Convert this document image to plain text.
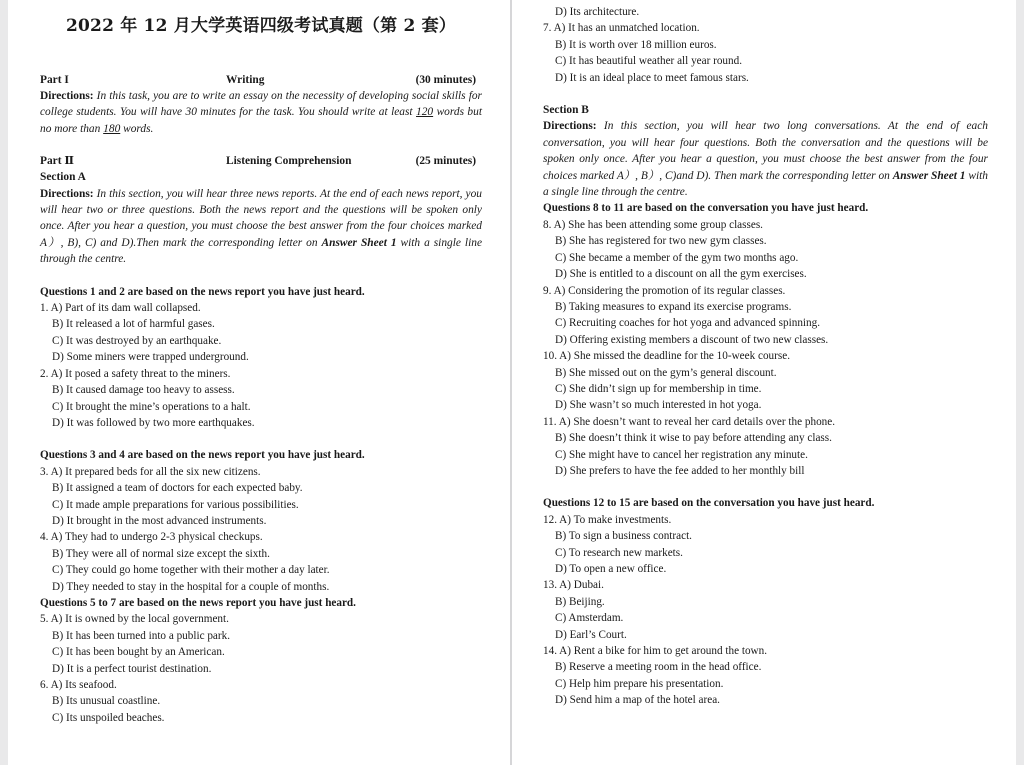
2022 年 12 月大学英语四级考试真题（第 2 套）
Part I	Writing	(30 minutes)
Directions: In this task, you are to write an essay on the necessity of developing social skills for college students. You will have 30 minutes for the task. You should write at least 120 words but no more than 180 words.
Part Ⅱ	Listening Comprehension	(25 minutes)
Section A
Directions: In this section, you will hear three news reports. At the end of each news report, you will hear two or three questions. Both the news report and the questions will be spoken only once. After you hear a question, you must choose the best answer from the four choices marked A）, B), C) and D).Then mark the corresponding letter on Answer Sheet 1 with a single line through the centre.
Questions 1 and 2 are based on the news report you have just heard.
1. A) Part of its dam wall collapsed.
B) It released a lot of harmful gases.
C) It was destroyed by an earthquake.
D) Some miners were trapped underground.
2. A) It posed a safety threat to the miners.
B) It caused damage too heavy to assess.
C) It brought the mine’s operations to a halt.
D) It was followed by two more earthquakes.
Questions 3 and 4 are based on the news report you have just heard.
3. A) It prepared beds for all the six new citizens.
B) It assigned a team of doctors for each expected baby.
C) It made ample preparations for various possibilities.
D) It brought in the most advanced instruments.
4. A) They had to undergo 2-3 physical checkups.
B) They were all of normal size except the sixth.
C) They could go home together with their mother a day later.
D) They needed to stay in the hospital for a couple of months.
Questions 5 to 7 are based on the news report you have just heard.
5. A) It is owned by the local government.
B) It has been turned into a public park.
C) It has been bought by an American.
D) It is a perfect tourist destination.
6. A) Its seafood.
B) Its unusual coastline.
C) Its unspoiled beaches.
D) Its architecture.
7. A) It has an unmatched location.
B) It is worth over 18 million euros.
C) It has beautiful weather all year round.
D) It is an ideal place to meet famous stars.
Section B
Directions: In this section, you will hear two long conversations. At the end of each conversation, you will hear four questions. Both the conversation and the questions will be spoken only once. After you hear a question, you must choose the best answer from the four choices marked A）, B）, C)and D). Then mark the corresponding letter on Answer Sheet 1 with a single line through the centre.
Questions 8 to 11 are based on the conversation you have just heard.
8. A) She has been attending some group classes.
B) She has registered for two new gym classes.
C) She became a member of the gym two months ago.
D) She is entitled to a discount on all the gym exercises.
9. A) Considering the promotion of its regular classes.
B) Taking measures to expand its exercise programs.
C) Recruiting coaches for hot yoga and advanced spinning.
D) Offering existing members a discount of two new classes.
10. A) She missed the deadline for the 10-week course.
B) She missed out on the gym’s general discount.
C) She didn’t sign up for membership in time.
D) She wasn’t so much interested in hot yoga.
11. A) She doesn’t want to reveal her card details over the phone.
B) She doesn’t think it wise to pay before attending any class.
C) She might have to cancel her registration any minute.
D) She prefers to have the fee added to her monthly bill
Questions 12 to 15 are based on the conversation you have just heard.
12. A) To make investments.
B) To sign a business contract.
C) To research new markets.
D) To open a new office.
13. A) Dubai.
B) Beijing.
C) Amsterdam.
D) Earl’s Court.
14. A) Rent a bike for him to get around the town.
B) Reserve a meeting room in the head office.
C) Help him prepare his presentation.
D) Send him a map of the hotel area.
